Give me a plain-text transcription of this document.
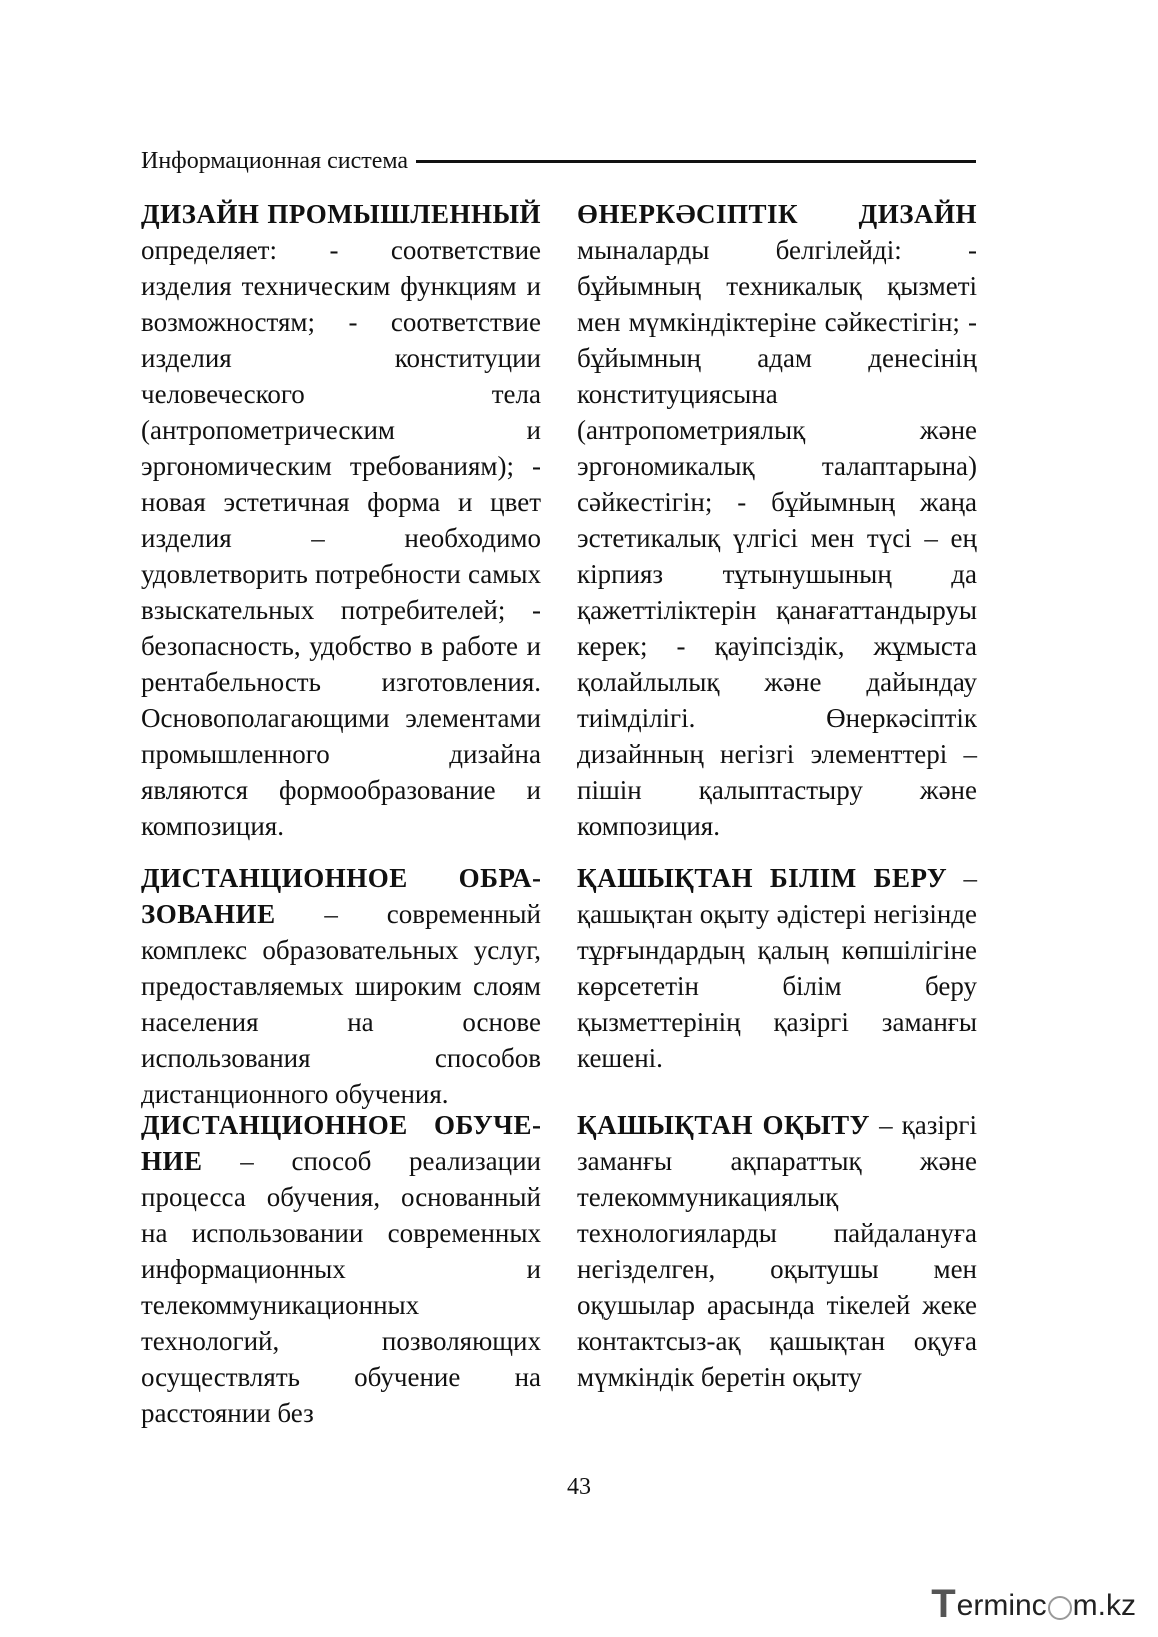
Информационная система

ДИЗАЙН ПРОМЫШЛЕННЫЙ определяет: - соответствие изделия техническим функциям и возможностям; - соответствие изделия конституции человеческого тела (антропометрическим и эргономическим требованиям); - новая эстетичная форма и цвет изделия – необходимо удовлетворить потребности самых взыскательных потребителей; - безопасность, удобство в работе и рентабельность изготовления. Основополагающими элементами промышленного дизайна являются формообразование и композиция.

ДИСТАНЦИОННОЕ ОБРАЗОВАНИЕ – современный комплекс образовательных услуг, предоставляемых широким слоям населения на основе использования способов дистанционного обучения.

ДИСТАНЦИОННОЕ ОБУЧЕНИЕ – способ реализации процесса обучения, основанный на использовании современных информационных и телекоммуникационных технологий, позволяющих осуществлять обучение на расстоянии без

ӨНЕРКӘСІПТІК ДИЗАЙН мыналарды белгілейді: - бұйымның техникалық қызметі мен мүмкіндіктеріне сәйкестігін; - бұйымның адам денесінің конституциясына (антропометриялық және эргономикалық талаптарына) сәйкестігін; - бұйымның жаңа эстетикалық үлгісі мен түсі – ең кірпияз тұтынушының да қажеттіліктерін қанағаттандыруы керек; - қауіпсіздік, жұмыста қолайлылық және дайындау тиімділігі. Өнеркәсіптік дизайнның негізгі элементтері – пішін қалыптастыру және композиция.

ҚАШЫҚТАН БІЛІМ БЕРУ – қашықтан оқыту әдістері негізінде тұрғындардың қалың көпшілігіне көрсететін білім беру қызметтерінің қазіргі заманғы кешені.

ҚАШЫҚТАН ОҚЫТУ – қазіргі заманғы ақпараттық және телекоммуникациялық технологияларды пайдалануға негізделген, оқытушы мен оқушылар арасында тікелей жеке контактсыз-ақ қашықтан оқуға мүмкіндік беретін оқыту

43
T erminc m.kz
